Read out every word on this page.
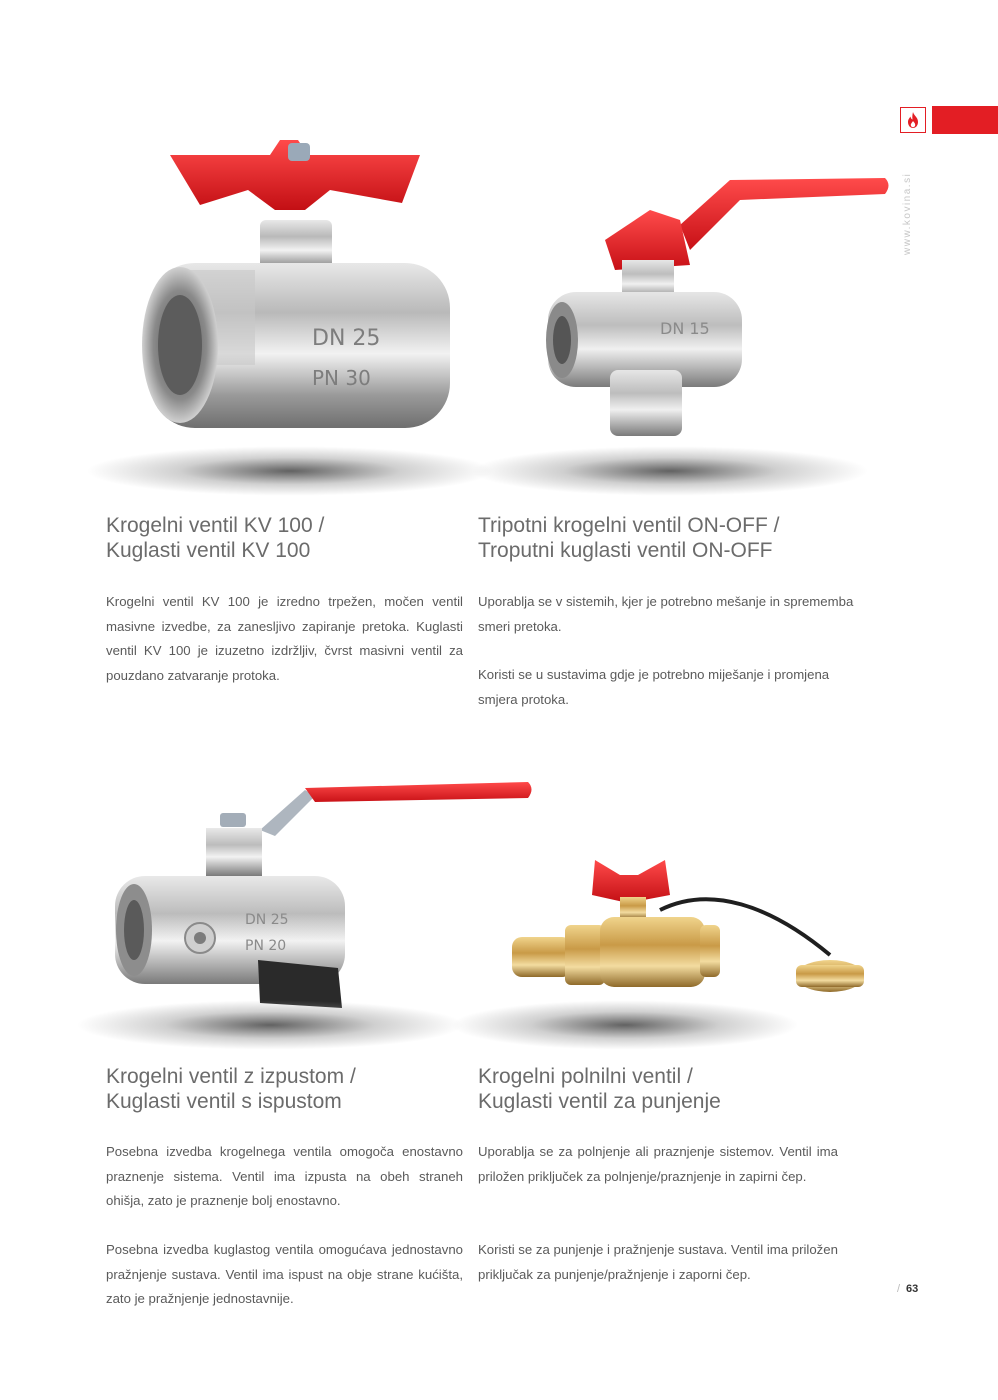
www.kovina.si
DN 25
PN 30
DN 15
Krogelni ventil KV 100 /
Kuglasti ventil KV 100
Tripotni krogelni ventil ON-OFF /
Troputni kuglasti ventil ON-OFF

Krogelni ventil KV 100 je izredno trpežen, močen ventil masivne izvedbe, za zanesljivo zapiranje pretoka. Kuglasti ventil KV 100 je izuzetno izdržljiv, čvrst masivni ventil za pouzdano zatvaranje protoka.

Uporablja se v sistemih, kjer je potrebno mešanje in sprememba smeri pretoka.

Koristi se u sustavima gdje je potrebno miješanje i promjena smjera protoka.

DN 25
PN 20
Krogelni ventil z izpustom /
Kuglasti ventil s ispustom
Krogelni polnilni ventil /
Kuglasti ventil za punjenje

Posebna izvedba krogelnega ventila omogoča enostavno praznenje sistema. Ventil ima izpusta na obeh straneh ohišja, zato je praznenje bolj enostavno.

Posebna izvedba kuglastog ventila omogućava jednostavno pražnjenje sustava. Ventil ima ispust na obje strane kućišta, zato je pražnjenje jednostavnije.

Uporablja se za polnjenje ali praznjenje sistemov. Ventil ima priložen priključek za polnjenje/praznjenje in zapirni čep.

Koristi se za punjenje i pražnjenje sustava. Ventil ima priložen priključak za punjenje/pražnjenje i zaporni čep.

/ 63
